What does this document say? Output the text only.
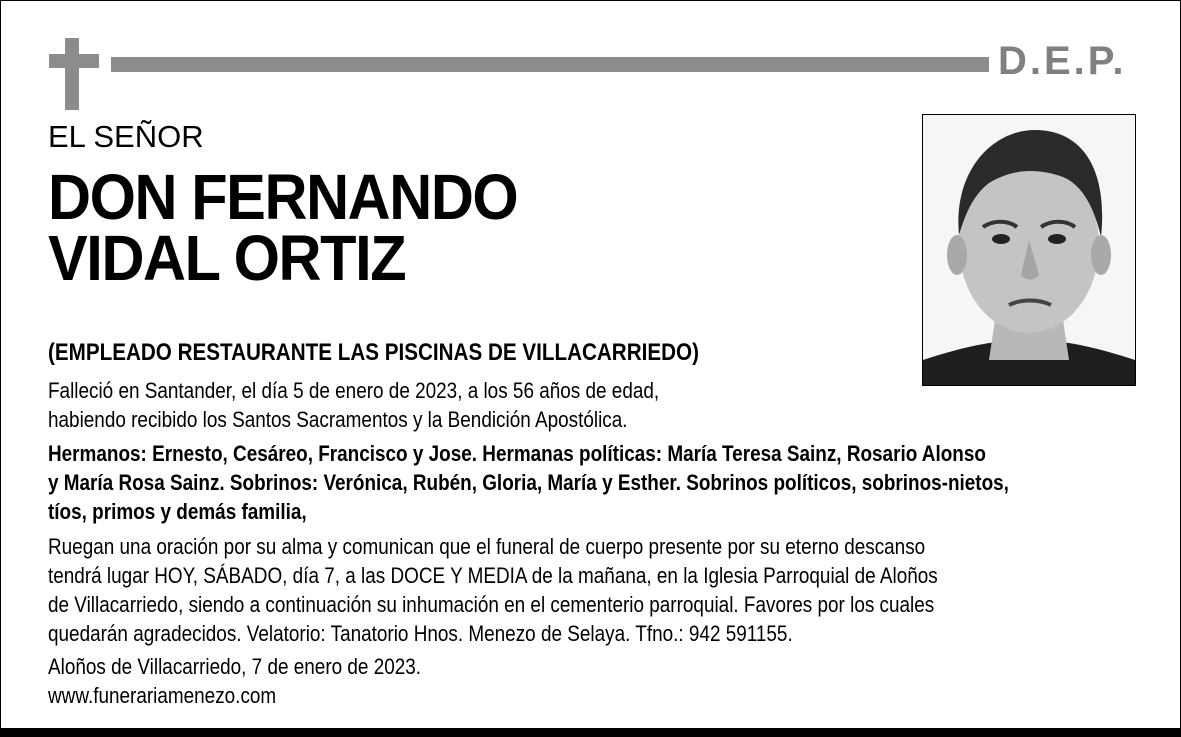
D.E.P.
EL SEÑOR
DON FERNANDO
VIDAL ORTIZ
(EMPLEADO RESTAURANTE LAS PISCINAS DE VILLACARRIEDO)
Falleció en Santander, el día 5 de enero de 2023, a los 56 años de edad,
habiendo recibido los Santos Sacramentos y la Bendición Apostólica.
Hermanos: Ernesto, Cesáreo, Francisco y Jose. Hermanas políticas: María Teresa Sainz, Rosario Alonso
y María Rosa Sainz. Sobrinos: Verónica, Rubén, Gloria, María y Esther. Sobrinos políticos, sobrinos-nietos,
tíos, primos y demás familia,
Ruegan una oración por su alma y comunican que el funeral de cuerpo presente por su eterno descanso
tendrá lugar HOY, SÁBADO, día 7, a las DOCE Y MEDIA de la mañana, en la Iglesia Parroquial de Aloños
de Villacarriedo, siendo a continuación su inhumación en el cementerio parroquial. Favores por los cuales
quedarán agradecidos. Velatorio: Tanatorio Hnos. Menezo de Selaya. Tfno.: 942 591155.
Aloños de Villacarriedo, 7 de enero de 2023.
www.funerariamenezo.com
